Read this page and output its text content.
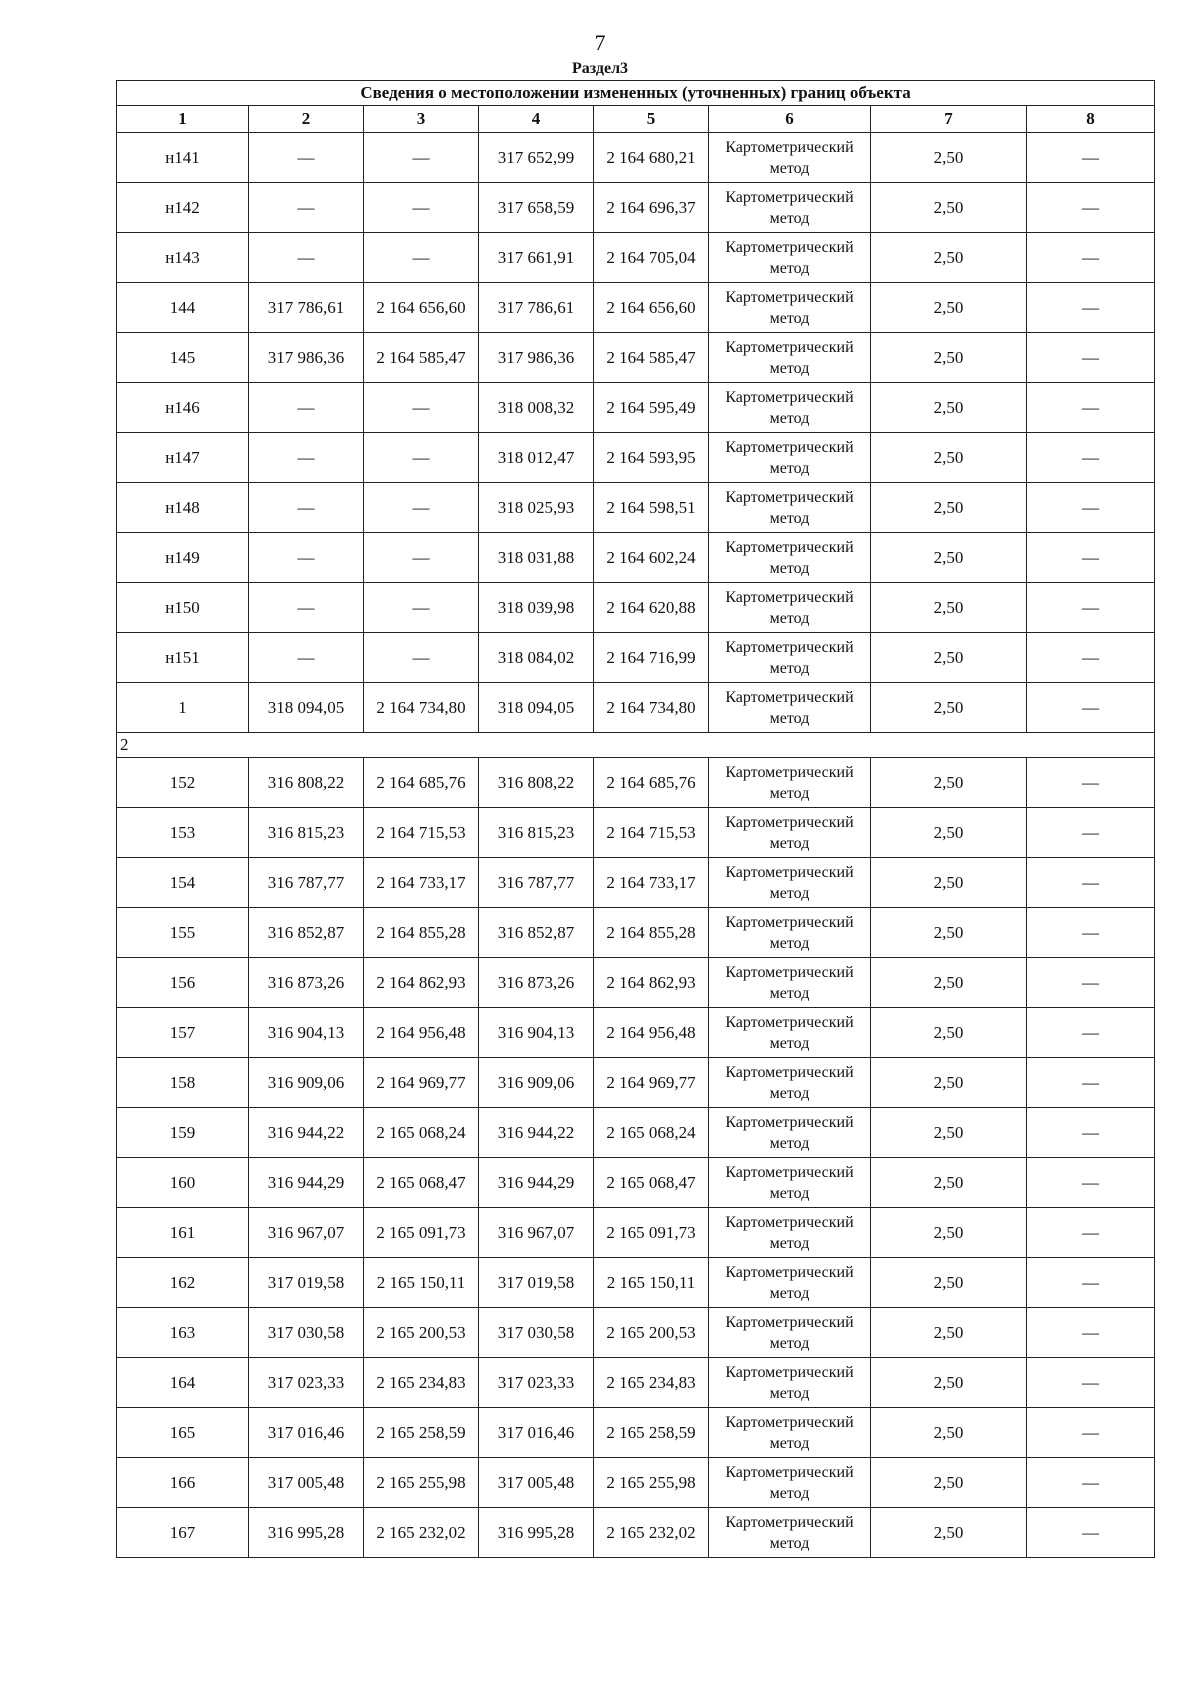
7
Раздел3
Сведения о местоположении измененных (уточненных) границ объекта							
1	2	3	4	5	6	7	8
н141	—	—	317 652,99	2 164 680,21	Картометрический метод	2,50	—
н142	—	—	317 658,59	2 164 696,37	Картометрический метод	2,50	—
н143	—	—	317 661,91	2 164 705,04	Картометрический метод	2,50	—
144	317 786,61	2 164 656,60	317 786,61	2 164 656,60	Картометрический метод	2,50	—
145	317 986,36	2 164 585,47	317 986,36	2 164 585,47	Картометрический метод	2,50	—
н146	—	—	318 008,32	2 164 595,49	Картометрический метод	2,50	—
н147	—	—	318 012,47	2 164 593,95	Картометрический метод	2,50	—
н148	—	—	318 025,93	2 164 598,51	Картометрический метод	2,50	—
н149	—	—	318 031,88	2 164 602,24	Картометрический метод	2,50	—
н150	—	—	318 039,98	2 164 620,88	Картометрический метод	2,50	—
н151	—	—	318 084,02	2 164 716,99	Картометрический метод	2,50	—
1	318 094,05	2 164 734,80	318 094,05	2 164 734,80	Картометрический метод	2,50	—
2							
152	316 808,22	2 164 685,76	316 808,22	2 164 685,76	Картометрический метод	2,50	—
153	316 815,23	2 164 715,53	316 815,23	2 164 715,53	Картометрический метод	2,50	—
154	316 787,77	2 164 733,17	316 787,77	2 164 733,17	Картометрический метод	2,50	—
155	316 852,87	2 164 855,28	316 852,87	2 164 855,28	Картометрический метод	2,50	—
156	316 873,26	2 164 862,93	316 873,26	2 164 862,93	Картометрический метод	2,50	—
157	316 904,13	2 164 956,48	316 904,13	2 164 956,48	Картометрический метод	2,50	—
158	316 909,06	2 164 969,77	316 909,06	2 164 969,77	Картометрический метод	2,50	—
159	316 944,22	2 165 068,24	316 944,22	2 165 068,24	Картометрический метод	2,50	—
160	316 944,29	2 165 068,47	316 944,29	2 165 068,47	Картометрический метод	2,50	—
161	316 967,07	2 165 091,73	316 967,07	2 165 091,73	Картометрический метод	2,50	—
162	317 019,58	2 165 150,11	317 019,58	2 165 150,11	Картометрический метод	2,50	—
163	317 030,58	2 165 200,53	317 030,58	2 165 200,53	Картометрический метод	2,50	—
164	317 023,33	2 165 234,83	317 023,33	2 165 234,83	Картометрический метод	2,50	—
165	317 016,46	2 165 258,59	317 016,46	2 165 258,59	Картометрический метод	2,50	—
166	317 005,48	2 165 255,98	317 005,48	2 165 255,98	Картометрический метод	2,50	—
167	316 995,28	2 165 232,02	316 995,28	2 165 232,02	Картометрический метод	2,50	—
